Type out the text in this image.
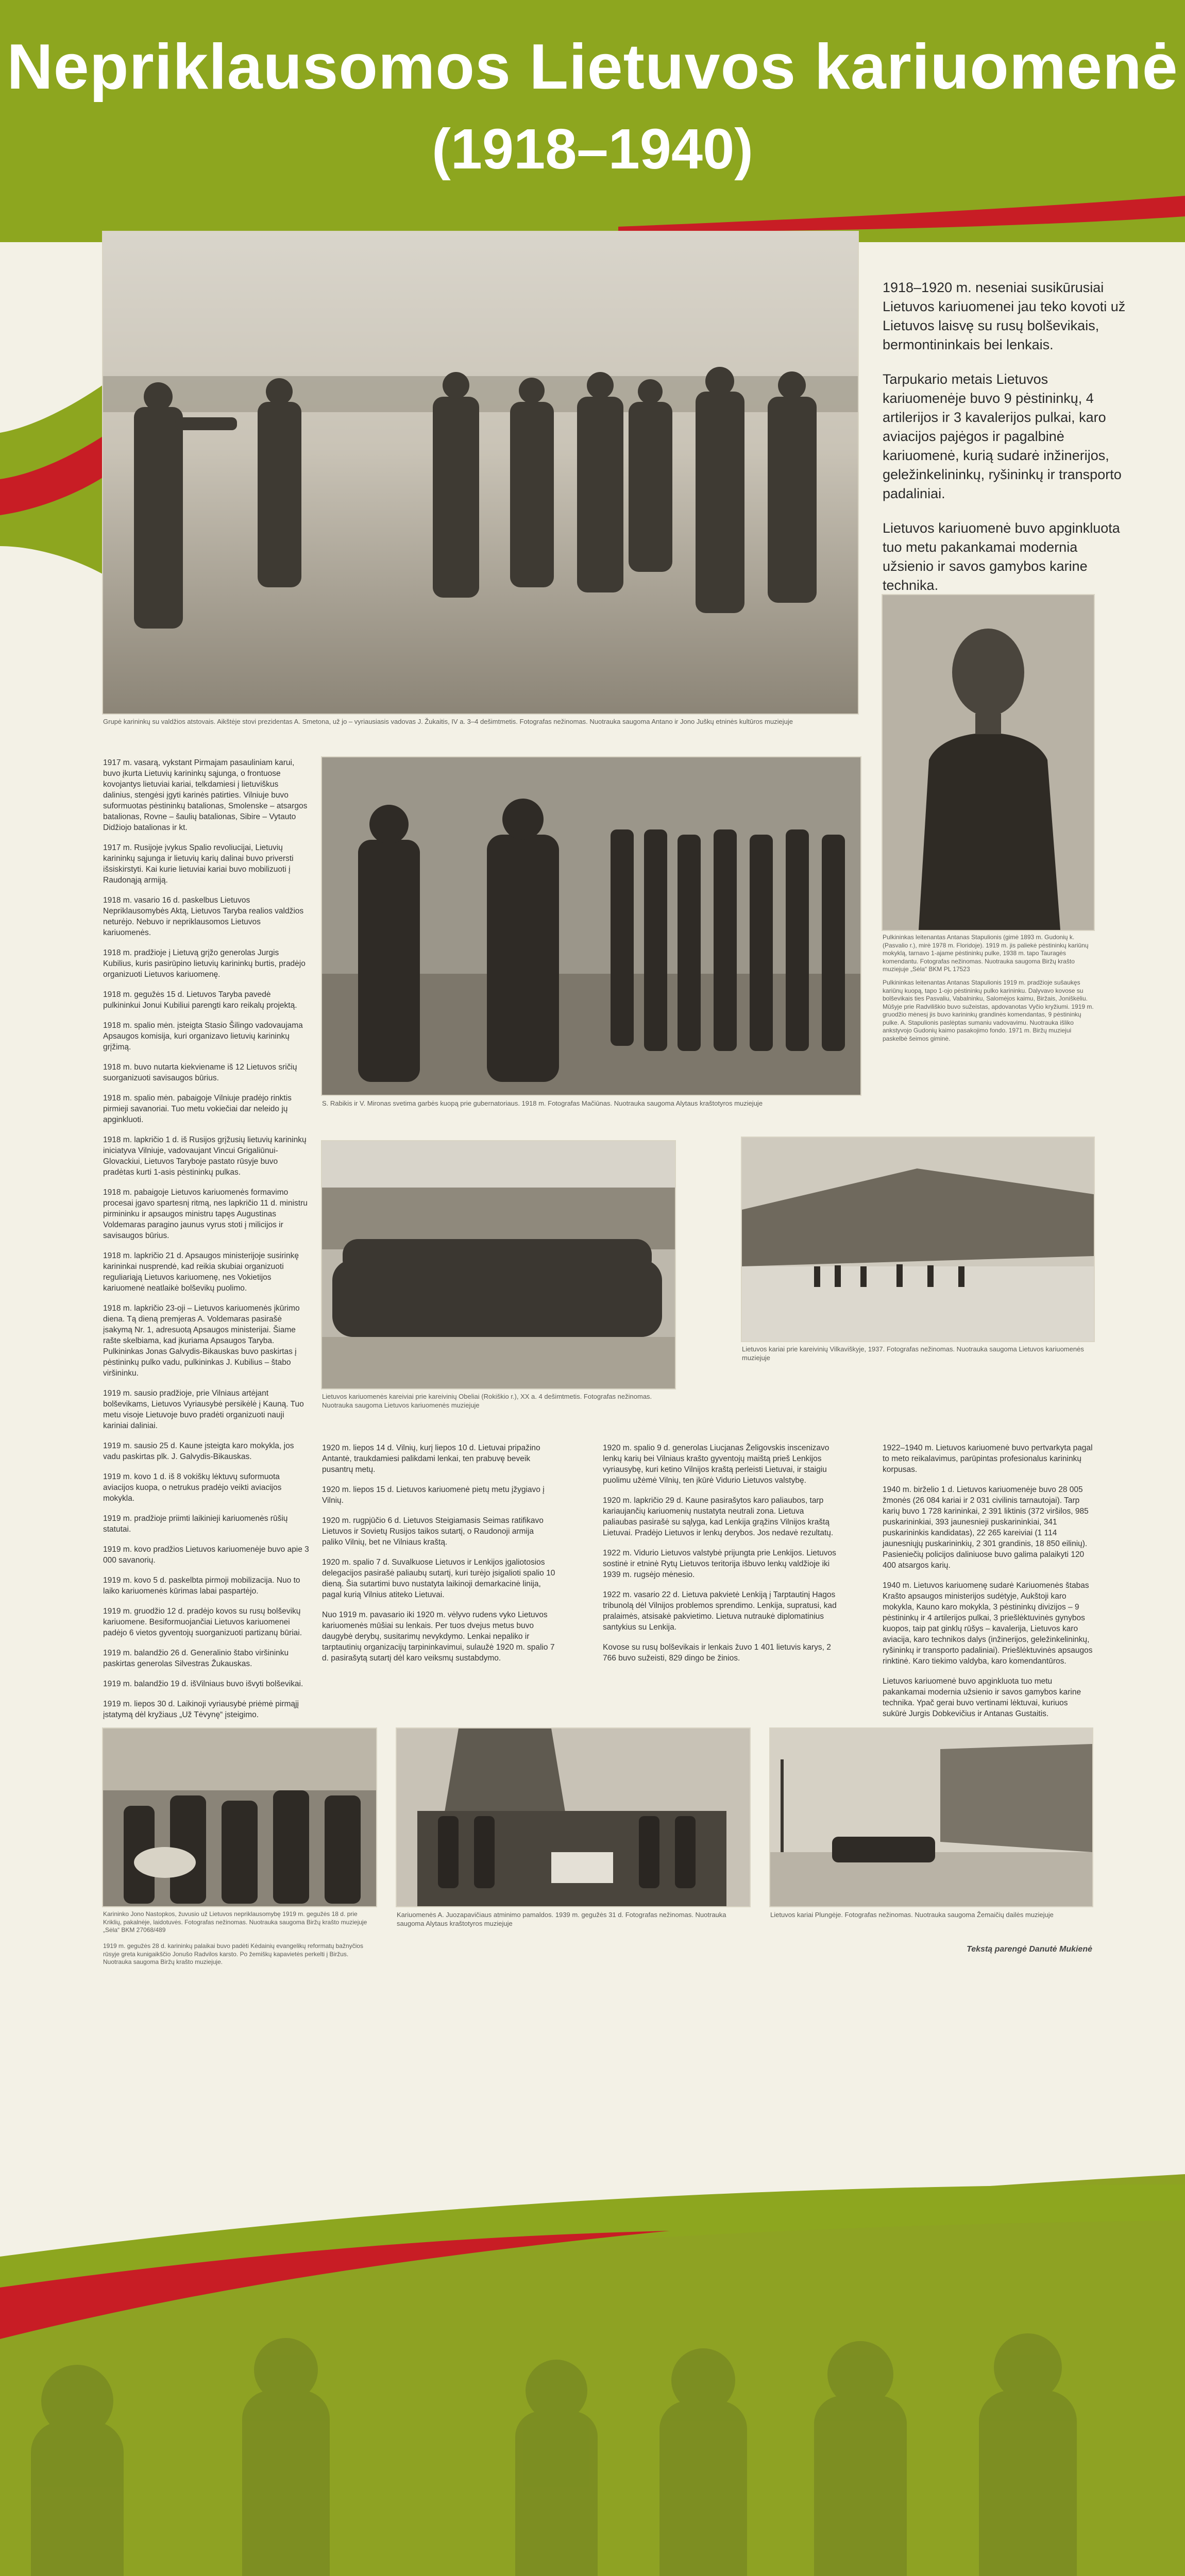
Nepriklausomos Lietuvos kariuomenė
(1918–1940)
Grupė karininkų su valdžios atstovais. Aikštėje stovi prezidentas A. Smetona, už jo – vyriausiasis vadovas J. Žukaitis, IV a. 3–4 dešimtmetis. Fotografas nežinomas. Nuotrauka saugoma Antano ir Jono Juškų etninės kultūros muziejuje

1918–1920 m. neseniai susikūrusiai Lietuvos kariuomenei jau teko kovoti už Lietuvos laisvę su rusų bolševikais, bermontininkais bei lenkais.

Tarpukario metais Lietuvos kariuomenėje buvo 9 pėstininkų, 4 artilerijos ir 3 kavalerijos pulkai, karo aviacijos pajėgos ir pagalbinė kariuomenė, kurią sudarė inžinerijos, geležinkelininkų, ryšininkų ir transporto padaliniai.

Lietuvos kariuomenė buvo apginkluota tuo metu pakankamai modernia užsienio ir savos gamybos karine technika.

Pulkininkas leitenantas Antanas Stapulionis (gimė 1893 m. Gudonių k. (Pasvalio r.), mirė 1978 m. Floridoje). 1919 m. jis paliekė pėstininkų kariūnų mokyklą, tarnavo 1-ajame pėstininkų pulke, 1938 m. tapo Tauragės komendantu. Fotografas nežinomas. Nuotrauka saugoma Biržų krašto muziejuje „Sėla“ BKM PL 17523
Pulkininkas leitenantas Antanas Stapulionis 1919 m. pradžioje sušaukęs kariūnų kuopą, tapo 1-ojo pėstininkų pulko karininku. Dalyvavo kovose su bolševikais ties Pasvaliu, Vabalninku, Salomėjos kaimu, Biržais, Joniškėliu. Mūšyje prie Radviliškio buvo sužeistas, apdovanotas Vyčio kryžiumi. 1919 m. gruodžio mėnesį jis buvo karininkų grandinės komendantas, 9 pėstininkų pulke. A. Stapulionis paslėptas sumaniu vadovavimu. Nuotrauka išliko ankstyvojo Gudonių kaimo pasakojimo fondo. 1971 m. Biržų muziejui paskelbė šeimos giminė.

1917 m. vasarą, vykstant Pirmajam pasauliniam karui, buvo įkurta Lietuvių karininkų sąjunga, o frontuose kovojantys lietuviai kariai, telkdamiesi į lietuviškus dalinius, stengėsi įgyti karinės patirties. Vilniuje buvo suformuotas pėstininkų batalionas, Smolenske – atsargos batalionas, Rovne – šaulių batalionas, Sibire – Vytauto Didžiojo batalionas ir kt.

1917 m. Rusijoje įvykus Spalio revoliucijai, Lietuvių karininkų sąjunga ir lietuvių karių dalinai buvo priversti išsiskirstyti. Kai kurie lietuviai kariai buvo mobilizuoti į Raudonąją armiją.

1918 m. vasario 16 d. paskelbus Lietuvos Nepriklausomybės Aktą, Lietuvos Taryba realios valdžios neturėjo. Nebuvo ir nepriklausomos Lietuvos kariuomenės.

1918 m. pradžioje į Lietuvą grįžo generolas Jurgis Kubilius, kuris pasirūpino lietuvių karininkų burtis, pradėjo organizuoti Lietuvos kariuomenę.

1918 m. gegužės 15 d. Lietuvos Taryba pavedė pulkininkui Jonui Kubiliui parengti karo reikalų projektą.

1918 m. spalio mėn. įsteigta Stasio Šilingo vadovaujama Apsaugos komisija, kuri organizavo lietuvių karininkų grįžimą.

1918 m. buvo nutarta kiekviename iš 12 Lietuvos sričių suorganizuoti savisaugos būrius.

1918 m. spalio mėn. pabaigoje Vilniuje pradėjo rinktis pirmieji savanoriai. Tuo metu vokiečiai dar neleido jų apginkluoti.

1918 m. lapkričio 1 d. iš Rusijos grįžusių lietuvių karininkų iniciatyva Vilniuje, vadovaujant Vincui Grigaliūnui-Glovackiui, Lietuvos Taryboje pastato rūsyje buvo pradėtas kurti 1-asis pėstininkų pulkas.

1918 m. pabaigoje Lietuvos kariuomenės formavimo procesai įgavo spartesnį ritmą, nes lapkričio 11 d. ministru pirmininku ir apsaugos ministru tapęs Augustinas Voldemaras paragino jaunus vyrus stoti į milicijos ir savisaugos būrius.

1918 m. lapkričio 21 d. Apsaugos ministerijoje susirinkę karininkai nusprendė, kad reikia skubiai organizuoti reguliariąją Lietuvos kariuomenę, nes Vokietijos kariuomenė neatlaikė bolševikų puolimo.

1918 m. lapkričio 23-oji – Lietuvos kariuomenės įkūrimo diena. Tą dieną premjeras A. Voldemaras pasirašė įsakymą Nr. 1, adresuotą Apsaugos ministerijai. Šiame rašte skelbiama, kad įkuriama Apsaugos Taryba. Pulkininkas Jonas Galvydis-Bikauskas buvo paskirtas į pėstininkų pulko vadu, pulkininkas J. Kubilius – štabo viršininku.

1919 m. sausio pradžioje, prie Vilniaus artėjant bolševikams, Lietuvos Vyriausybė persikėlė į Kauną. Tuo metu visoje Lietuvoje buvo pradėti organizuoti nauji kariniai daliniai.

1919 m. sausio 25 d. Kaune įsteigta karo mokykla, jos vadu paskirtas plk. J. Galvydis-Bikauskas.

1919 m. kovo 1 d. iš 8 vokiškų lėktuvų suformuota aviacijos kuopa, o netrukus pradėjo veikti aviacijos mokykla.

1919 m. pradžioje priimti laikinieji kariuomenės rūšių statutai.

1919 m. kovo pradžios Lietuvos kariuomenėje buvo apie 3 000 savanorių.

1919 m. kovo 5 d. paskelbta pirmoji mobilizacija. Nuo to laiko kariuomenės kūrimas labai paspartėjo.

1919 m. gruodžio 12 d. pradėjo kovos su rusų bolševikų kariuomene. Besiformuojančiai Lietuvos kariuomenei padėjo 6 vietos gyventojų suorganizuoti partizanų būriai.

1919 m. balandžio 26 d. Generalinio štabo viršininku paskirtas generolas Silvestras Žukauskas.

1919 m. balandžio 19 d. išVilniaus buvo išvyti bolševikai.

1919 m. liepos 30 d. Laikinoji vyriausybė priėmė pirmąjį įstatymą dėl kryžiaus „Už Tėvynę“ įsteigimo.

S. Rabikis ir V. Mironas svetima garbės kuopą prie gubernatoriaus. 1918 m. Fotografas Mačiūnas. Nuotrauka saugoma Alytaus kraštotyros muziejuje
Lietuvos kariuomenės kareiviai prie kareivinių Obeliai (Rokiškio r.), XX a. 4 dešimtmetis. Fotografas nežinomas. Nuotrauka saugoma Lietuvos kariuomenės muziejuje
Lietuvos kariai prie kareivinių Vilkaviškyje, 1937. Fotografas nežinomas. Nuotrauka saugoma Lietuvos kariuomenės muziejuje

1920 m. liepos 14 d. Vilnių, kurį liepos 10 d. Lietuvai pripažino Antantė, traukdamiesi palikdami lenkai, ten prabuvę beveik pusantrų metų.

1920 m. liepos 15 d. Lietuvos kariuomenė pietų metu įžygiavo į Vilnių.

1920 m. rugpjūčio 6 d. Lietuvos Steigiamasis Seimas ratifikavo Lietuvos ir Sovietų Rusijos taikos sutartį, o Raudonoji armija paliko Vilnių, bet ne Vilniaus kraštą.

1920 m. spalio 7 d. Suvalkuose Lietuvos ir Lenkijos įgaliotosios delegacijos pasirašė paliaubų sutartį, kuri turėjo įsigalioti spalio 10 dieną. Šia sutartimi buvo nustatyta laikinoji demarkacinė linija, pagal kurią Vilnius atiteko Lietuvai.

Nuo 1919 m. pavasario iki 1920 m. vėlyvo rudens vyko Lietuvos kariuomenės mūšiai su lenkais. Per tuos dvejus metus buvo daugybė derybų, susitarimų nevykdymo. Lenkai nepaliko ir tarptautinių organizacijų tarpininkavimui, sulaužė 1920 m. spalio 7 d. pasirašytą sutartį dėl karo veiksmų sustabdymo.

1920 m. spalio 9 d. generolas Liucjanas Želigovskis inscenizavo lenkų karių bei Vilniaus krašto gyventojų maištą prieš Lenkijos vyriausybę, kuri ketino Vilnijos kraštą perleisti Lietuvai, ir staigiu puolimu užėmė Vilnių, ten įkūrė Vidurio Lietuvos valstybę.

1920 m. lapkričio 29 d. Kaune pasirašytos karo paliaubos, tarp kariaujančių kariuomenių nustatyta neutrali zona. Lietuva paliaubas pasirašė su sąlyga, kad Lenkija grąžins Vilnijos kraštą Lietuvai. Pradėjo Lietuvos ir lenkų derybos. Jos nedavė rezultatų.

1922 m. Vidurio Lietuvos valstybė prijungta prie Lenkijos. Lietuvos sostinė ir etninė Rytų Lietuvos teritorija išbuvo lenkų valdžioje iki 1939 m. rugsėjo mėnesio.

1922 m. vasario 22 d. Lietuva pakvietė Lenkiją į Tarptautinį Hagos tribunolą dėl Vilnijos problemos sprendimo. Lenkija, supratusi, kad pralaimės, atsisakė pakvietimo. Lietuva nutraukė diplomatinius santykius su Lenkija.

Kovose su rusų bolševikais ir lenkais žuvo 1 401 lietuvis karys, 2 766 buvo sužeisti, 829 dingo be žinios.

1922–1940 m. Lietuvos kariuomenė buvo pertvarkyta pagal to meto reikalavimus, parūpintas profesionalus karininkų korpusas.

1940 m. birželio 1 d. Lietuvos kariuomenėje buvo 28 005 žmonės (26 084 kariai ir 2 031 civilinis tarnautojai). Tarp karių buvo 1 728 karininkai, 2 391 liktinis (372 viršilos, 985 puskarininkiai, 393 jaunesnieji puskarininkiai, 341 puskarininkis kandidatas), 22 265 kareiviai (1 114 jaunesniųjų puskarininkių, 2 301 grandinis, 18 850 eilinių). Pasieniečių policijos daliniuose buvo galima palaikyti 120 400 atsargos karių.

1940 m. Lietuvos kariuomenę sudarė Kariuomenės štabas Krašto apsaugos ministerijos sudėtyje, Aukštoji karo mokykla, Kauno karo mokykla, 3 pėstininkų divizijos – 9 pėstininkų ir 4 artilerijos pulkai, 3 priešlėktuvinės gynybos kuopos, taip pat ginklų rūšys – kavalerija, Lietuvos karo aviacija, karo technikos dalys (inžinerijos, geležinkelininkų, ryšininkų ir transporto padaliniai). Priešlėktuvinės apsaugos rinktinė. Karo tiekimo valdyba, karo komendantūros.

Lietuvos kariuomenė buvo apginkluota tuo metu pakankamai modernia užsienio ir savos gamybos karine technika. Ypač gerai buvo vertinami lėktuvai, kuriuos sukūrė Jurgis Dobkevičius ir Antanas Gustaitis.

Karininko Jono Nastopkos, žuvusio už Lietuvos nepriklausomybę 1919 m. gegužės 18 d. prie Kriklių, pakalnėje, laidotuvės. Fotografas nežinomas. Nuotrauka saugoma Biržų krašto muziejuje „Sėla“ BKM 27068/489
1919 m. gegužės 28 d. karininkų palaikai buvo padėti Kėdainių evangelikų reformatų bažnyčios rūsyje greta kunigaikščio Jonušo Radvilos karsto. Po žemiškų kapavietės perkelti į Biržus. Nuotrauka saugoma Biržų krašto muziejuje.
Kariuomenės A. Juozapavičiaus atminimo pamaldos. 1939 m. gegužės 31 d. Fotografas nežinomas. Nuotrauka saugoma Alytaus kraštotyros muziejuje
Lietuvos kariai Plungėje. Fotografas nežinomas. Nuotrauka saugoma Žemaičių dailės muziejuje
Tekstą parengė Danutė Mukienė
